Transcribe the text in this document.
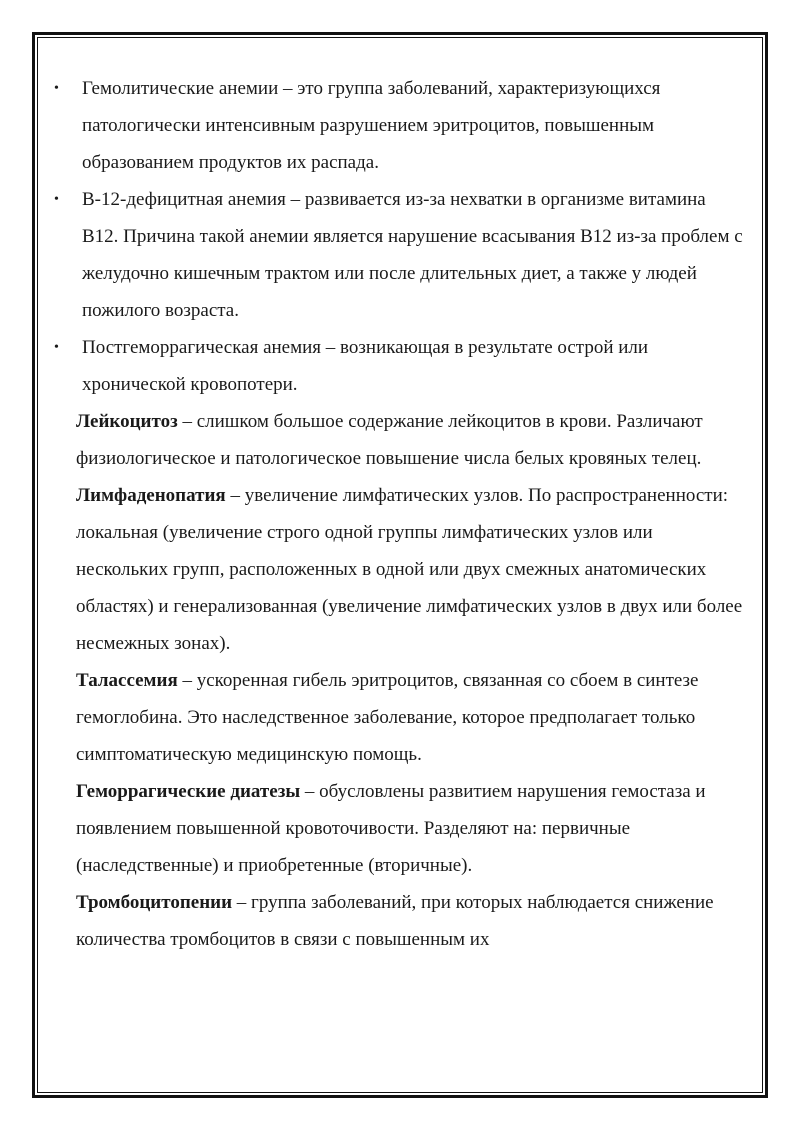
•	Гемолитические анемии – это группа заболеваний, характеризующихся патологически интенсивным разрушением эритроцитов, повышенным образованием продуктов их распада.
•	В-12-дефицитная анемия – развивается из-за нехватки в организме витамина В12. Причина такой анемии является нарушение всасывания В12 из-за проблем с желудочно кишечным трактом или после длительных диет, а также у людей пожилого возраста.
•	Постгеморрагическая анемия – возникающая в результате острой или хронической кровопотери.

Лейкоцитоз – слишком большое содержание лейкоцитов в крови. Различают физиологическое и патологическое повышение числа белых кровяных телец.

Лимфаденопатия – увеличение лимфатических узлов. По распространенности: локальная (увеличение строго одной группы лимфатических узлов или нескольких групп, расположенных в одной или двух смежных анатомических областях) и генерализованная (увеличение лимфатических узлов в двух или более несмежных зонах).

Талассемия – ускоренная гибель эритроцитов, связанная со сбоем в синтезе гемоглобина. Это наследственное заболевание, которое предполагает только симптоматическую медицинскую помощь.

Геморрагические диатезы – обусловлены развитием нарушения гемостаза и появлением повышенной кровоточивости. Разделяют на: первичные (наследственные) и приобретенные (вторичные).

Тромбоцитопении – группа заболеваний, при которых наблюдается снижение количества тромбоцитов в связи с повышенным их
